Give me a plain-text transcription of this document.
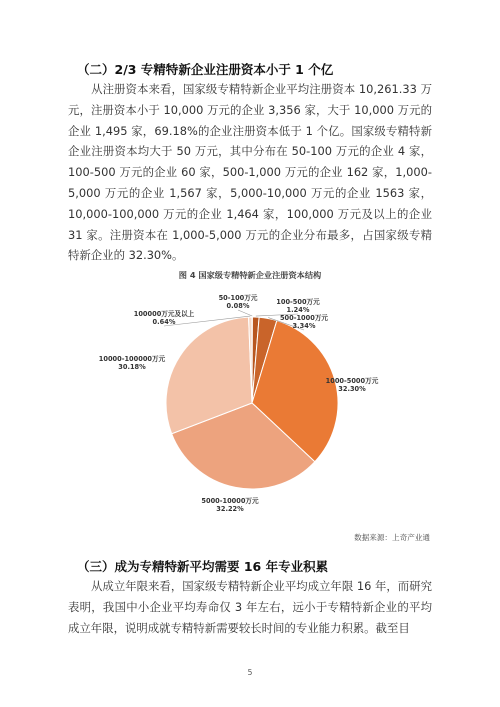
（二）2/3 专精特新企业注册资本小于 1 个亿

从注册资本来看，国家级专精特新企业平均注册资本 10,261.33 万元，注册资本小于 10,000 万元的企业 3,356 家，大于 10,000 万元的企业 1,495 家，69.18%的企业注册资本低于 1 个亿。国家级专精特新企业注册资本均大于 50 万元，其中分布在 50-100 万元的企业 4 家，100-500 万元的企业 60 家，500-1,000 万元的企业 162 家，1,000-5,000 万元的企业 1,567 家，5,000-10,000 万元的企业 1563 家，10,000-100,000 万元的企业 1,464 家，100,000 万元及以上的企业 31 家。注册资本在 1,000-5,000 万元的企业分布最多，占国家级专精特新企业的 32.30%。

图 4 国家级专精特新企业注册资本结构
50-100万元
0.08%	100-500万元
1.24%
500-1000万元
3.34%
1000-5000万元
32.30%
5000-10000万元
32.22%
10000-100000万元
30.18%
100000万元及以上
0.64%
数据来源：上奇产业通
（三）成为专精特新平均需要 16 年专业积累

从成立年限来看，国家级专精特新企业平均成立年限 16 年，而研究表明，我国中小企业平均寿命仅 3 年左右，远小于专精特新企业的平均成立年限，说明成就专精特新需要较长时间的专业能力积累。截至目

5
